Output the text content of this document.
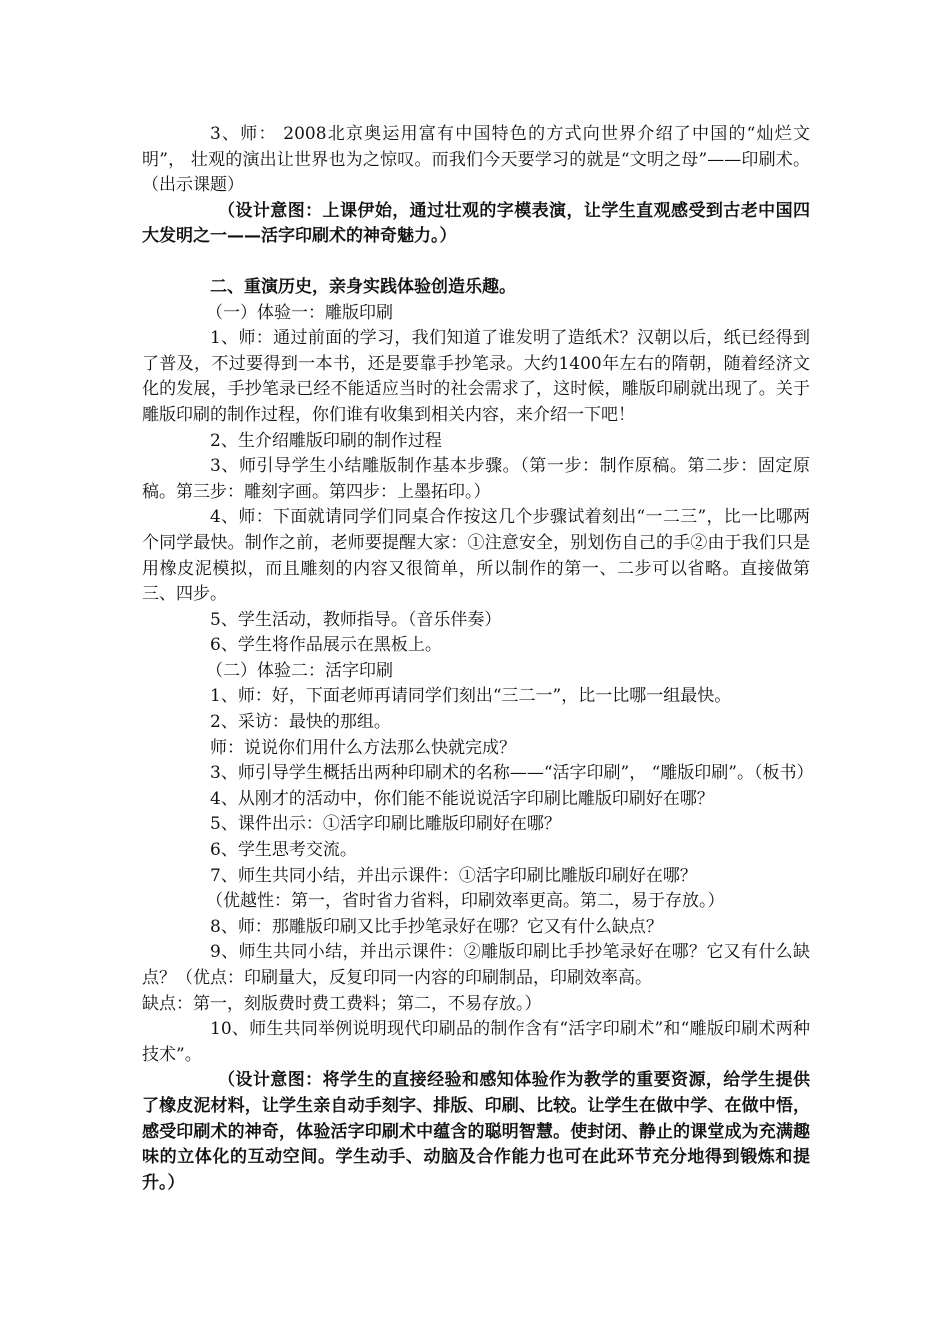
3、师： 2008北京奥运用富有中国特色的方式向世界介绍了中国的“灿烂文明”， 壮观的演出让世界也为之惊叹。而我们今天要学习的就是“文明之母”——印刷术。（出示课题）

（设计意图：上课伊始，通过壮观的字模表演，让学生直观感受到古老中国四大发明之一——活字印刷术的神奇魅力。）

二、重演历史，亲身实践体验创造乐趣。

（一）体验一：雕版印刷

1、师：通过前面的学习，我们知道了谁发明了造纸术？汉朝以后，纸已经得到了普及，不过要得到一本书，还是要靠手抄笔录。大约1400年左右的隋朝，随着经济文化的发展，手抄笔录已经不能适应当时的社会需求了，这时候，雕版印刷就出现了。关于雕版印刷的制作过程，你们谁有收集到相关内容，来介绍一下吧！

2、生介绍雕版印刷的制作过程

3、师引导学生小结雕版制作基本步骤。（第一步：制作原稿。第二步：固定原稿。第三步：雕刻字画。第四步：上墨拓印。）

4、师：下面就请同学们同桌合作按这几个步骤试着刻出“一二三”，比一比哪两个同学最快。制作之前，老师要提醒大家：①注意安全，别划伤自己的手②由于我们只是用橡皮泥模拟，而且雕刻的内容又很简单，所以制作的第一、二步可以省略。直接做第三、四步。

5、学生活动，教师指导。（音乐伴奏）

6、学生将作品展示在黑板上。

（二）体验二：活字印刷

1、师：好，下面老师再请同学们刻出“三二一”，比一比哪一组最快。

2、采访：最快的那组。

师：说说你们用什么方法那么快就完成？

3、师引导学生概括出两种印刷术的名称——“活字印刷”， “雕版印刷”。（板书）

4、从刚才的活动中，你们能不能说说活字印刷比雕版印刷好在哪？

5、课件出示：①活字印刷比雕版印刷好在哪？

6、学生思考交流。

7、师生共同小结，并出示课件：①活字印刷比雕版印刷好在哪？

（优越性：第一，省时省力省料，印刷效率更高。第二，易于存放。）

8、师：那雕版印刷又比手抄笔录好在哪？它又有什么缺点？

9、师生共同小结，并出示课件：②雕版印刷比手抄笔录好在哪？它又有什么缺点？（优点：印刷量大，反复印同一内容的印刷制品，印刷效率高。

缺点：第一，刻版费时费工费料；第二，不易存放。）

10、师生共同举例说明现代印刷品的制作含有“活字印刷术”和“雕版印刷术两种技术”。

（设计意图：将学生的直接经验和感知体验作为教学的重要资源，给学生提供了橡皮泥材料，让学生亲自动手刻字、排版、印刷、比较。让学生在做中学、在做中悟，感受印刷术的神奇，体验活字印刷术中蕴含的聪明智慧。使封闭、静止的课堂成为充满趣味的立体化的互动空间。学生动手、动脑及合作能力也可在此环节充分地得到锻炼和提升。）
